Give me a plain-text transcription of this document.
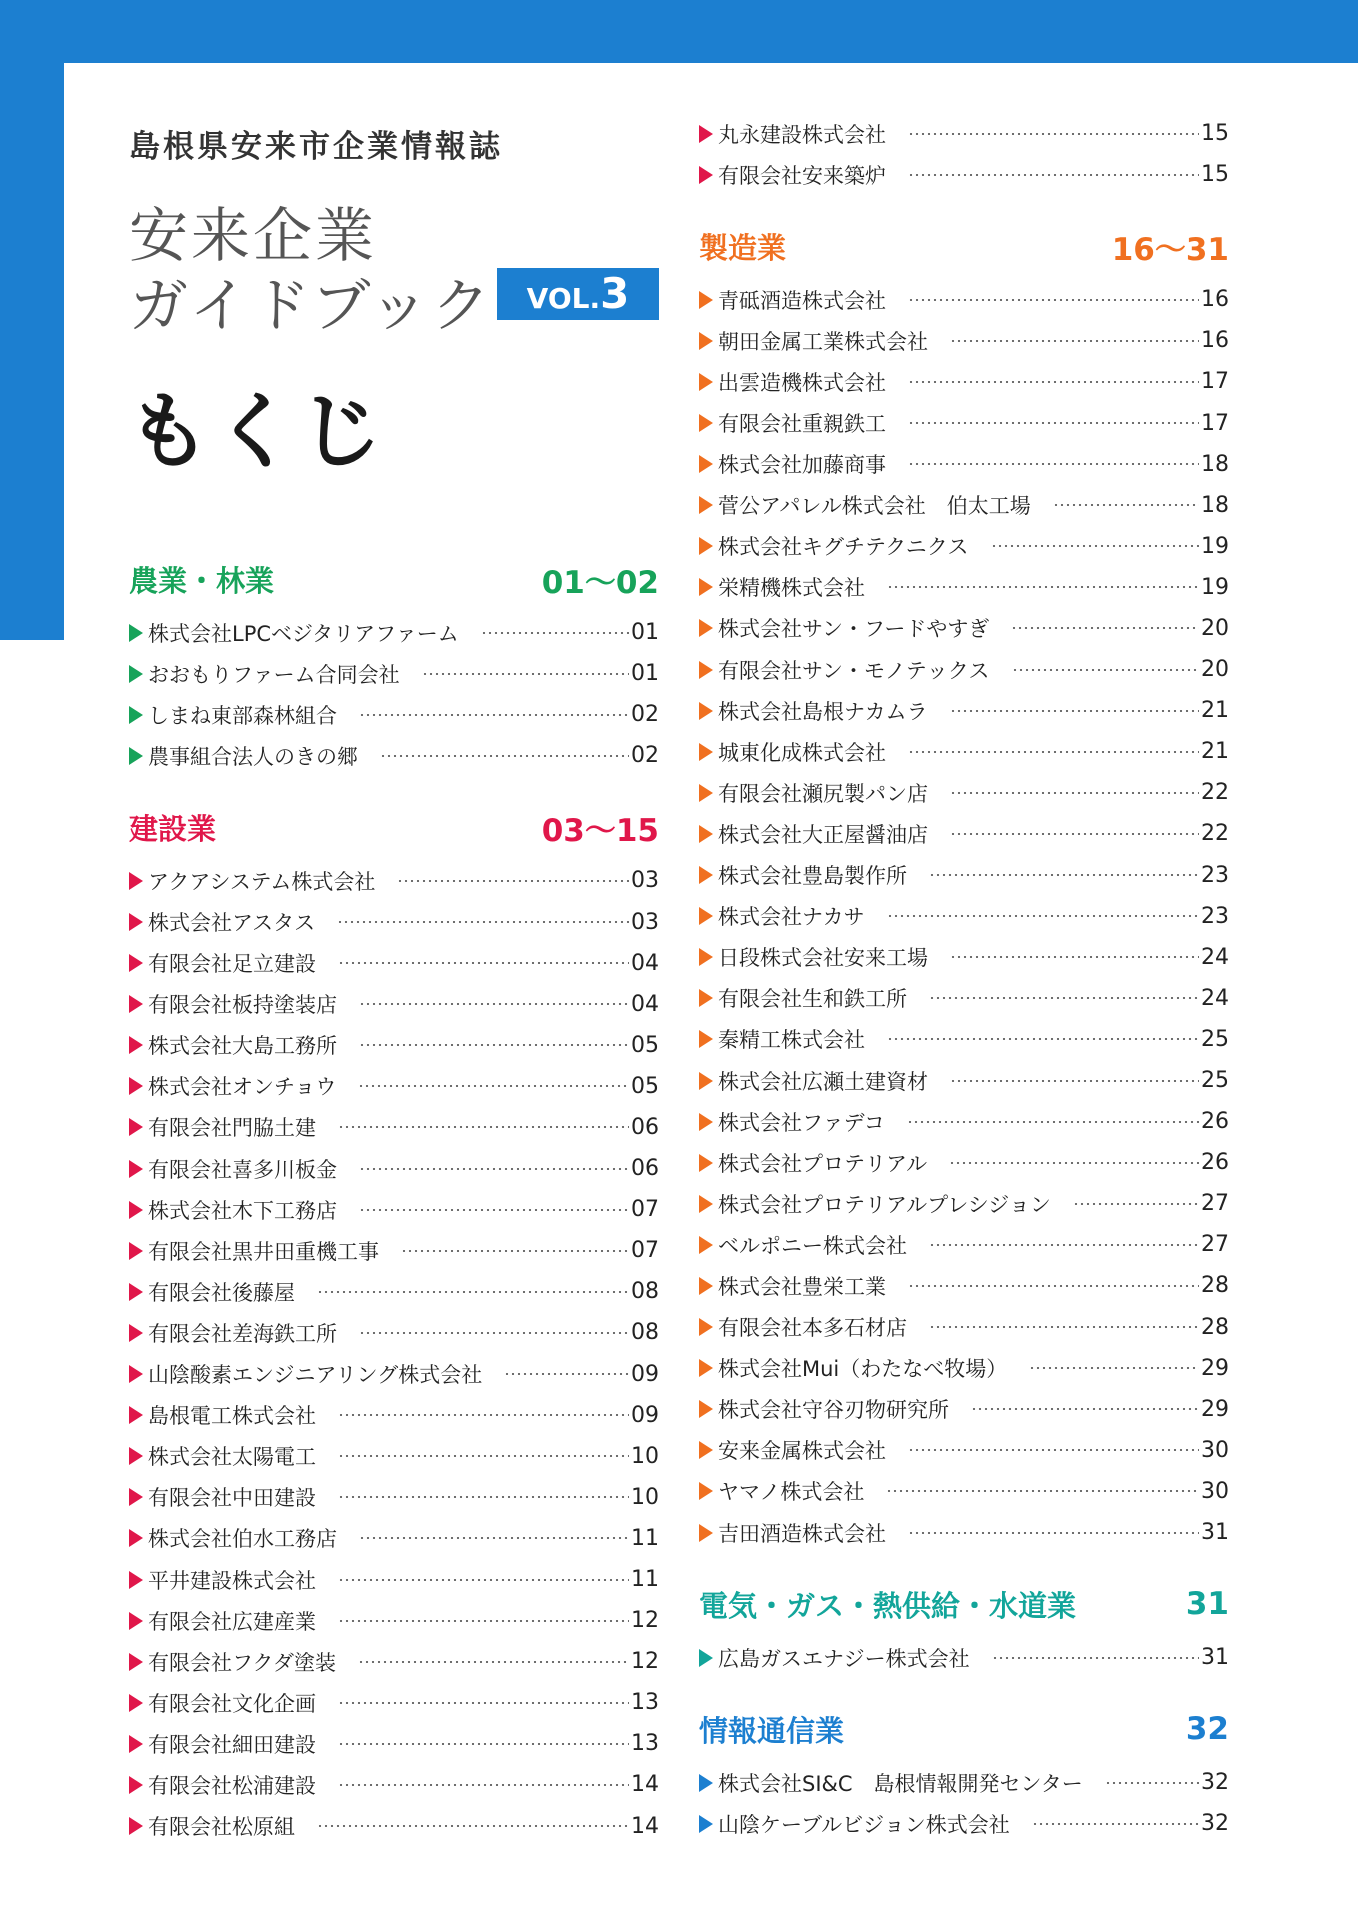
島根県安来市企業情報誌
安来企業
ガイドブック	VOL.3
もくじ
農業・林業	01〜02
株式会社LPCベジタリアファーム	01
おおもりファーム合同会社	01
しまね東部森林組合	02
農事組合法人のきの郷	02
建設業	03〜15
アクアシステム株式会社	03
株式会社アスタス	03
有限会社足立建設	04
有限会社板持塗装店	04
株式会社大島工務所	05
株式会社オンチョウ	05
有限会社門脇土建	06
有限会社喜多川板金	06
株式会社木下工務店	07
有限会社黒井田重機工事	07
有限会社後藤屋	08
有限会社差海鉄工所	08
山陰酸素エンジニアリング株式会社	09
島根電工株式会社	09
株式会社太陽電工	10
有限会社中田建設	10
株式会社伯水工務店	11
平井建設株式会社	11
有限会社広建産業	12
有限会社フクダ塗装	12
有限会社文化企画	13
有限会社細田建設	13
有限会社松浦建設	14
有限会社松原組	14
丸永建設株式会社	15
有限会社安来築炉	15
製造業	16〜31
青砥酒造株式会社	16
朝田金属工業株式会社	16
出雲造機株式会社	17
有限会社重親鉄工	17
株式会社加藤商事	18
菅公アパレル株式会社　伯太工場	18
株式会社キグチテクニクス	19
栄精機株式会社	19
株式会社サン・フードやすぎ	20
有限会社サン・モノテックス	20
株式会社島根ナカムラ	21
城東化成株式会社	21
有限会社瀬尻製パン店	22
株式会社大正屋醤油店	22
株式会社豊島製作所	23
株式会社ナカサ	23
日段株式会社安来工場	24
有限会社生和鉄工所	24
秦精工株式会社	25
株式会社広瀬土建資材	25
株式会社ファデコ	26
株式会社プロテリアル	26
株式会社プロテリアルプレシジョン	27
ベルポニー株式会社	27
株式会社豊栄工業	28
有限会社本多石材店	28
株式会社Mui（わたなべ牧場）	29
株式会社守谷刃物研究所	29
安来金属株式会社	30
ヤマノ株式会社	30
吉田酒造株式会社	31
電気・ガス・熱供給・水道業	31
広島ガスエナジー株式会社	31
情報通信業	32
株式会社SI&C　島根情報開発センター	32
山陰ケーブルビジョン株式会社	32
